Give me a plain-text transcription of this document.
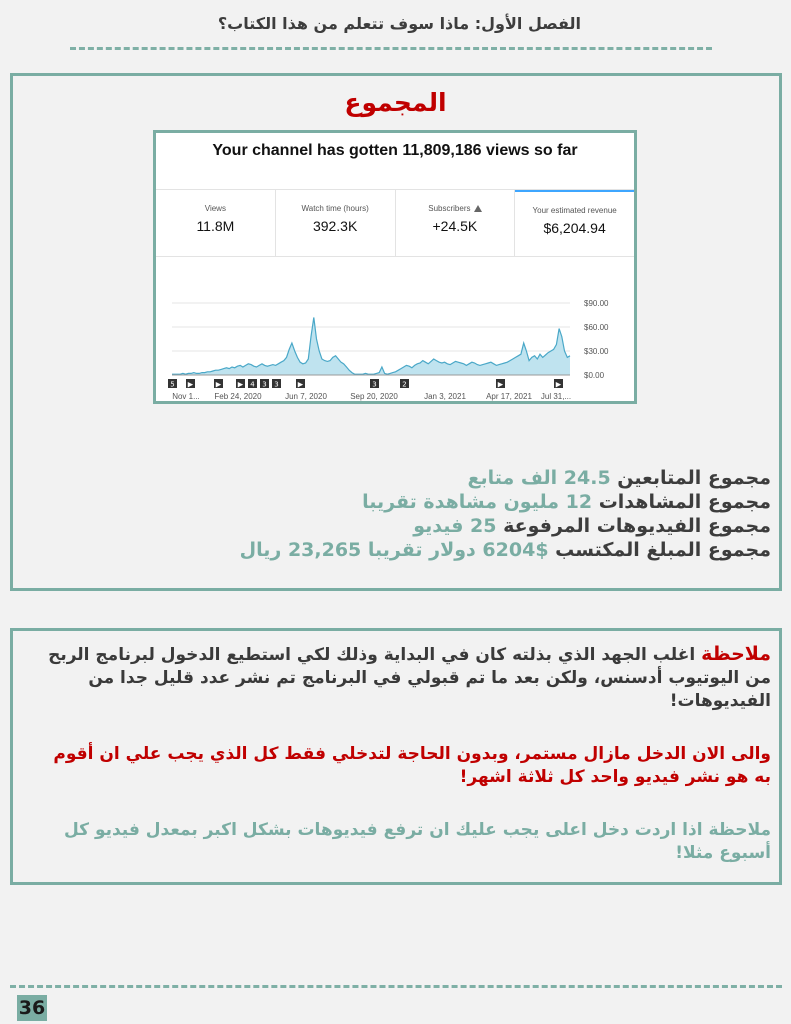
الفصل الأول: ماذا سوف تتعلم من هذا الكتاب؟
المجموع
Your channel has gotten 11,809,186 views so far
Views
11.8M
Watch time (hours)
392.3K
Subscribers
+24.5K
Your estimated revenue
$6,204.94
$90.00
$60.00
$30.00
$0.00
5 ▶	▶ ▶ 4 3 3	▶	3	2	▶	▶
Nov 1... Feb 24, 2020	Jun 7, 2020	Sep 20, 2020	Jan 3, 2021	Apr 17, 2021 Jul 31,...
مجموع المتابعين 24.5 الف متابع
مجموع المشاهدات 12 مليون مشاهدة تقريبا
مجموع الفيديوهات المرفوعة 25 فيديو
مجموع المبلغ المكتسب $6204 دولار تقريبا 23,265 ريال
ملاحظة اغلب الجهد الذي بذلته كان في البداية وذلك لكي استطيع الدخول لبرنامج الربح من اليوتيوب أدسنس، ولكن بعد ما تم قبولي في البرنامج تم نشر عدد قليل جدا من الفيديوهات!
والى الان الدخل مازال مستمر، وبدون الحاجة لتدخلي فقط كل الذي يجب علي ان أقوم به هو نشر فيديو واحد كل ثلاثة اشهر!
ملاحظة اذا اردت دخل اعلى يجب عليك ان ترفع فيديوهات بشكل اكبر بمعدل فيديو كل أسبوع مثلا!
36
